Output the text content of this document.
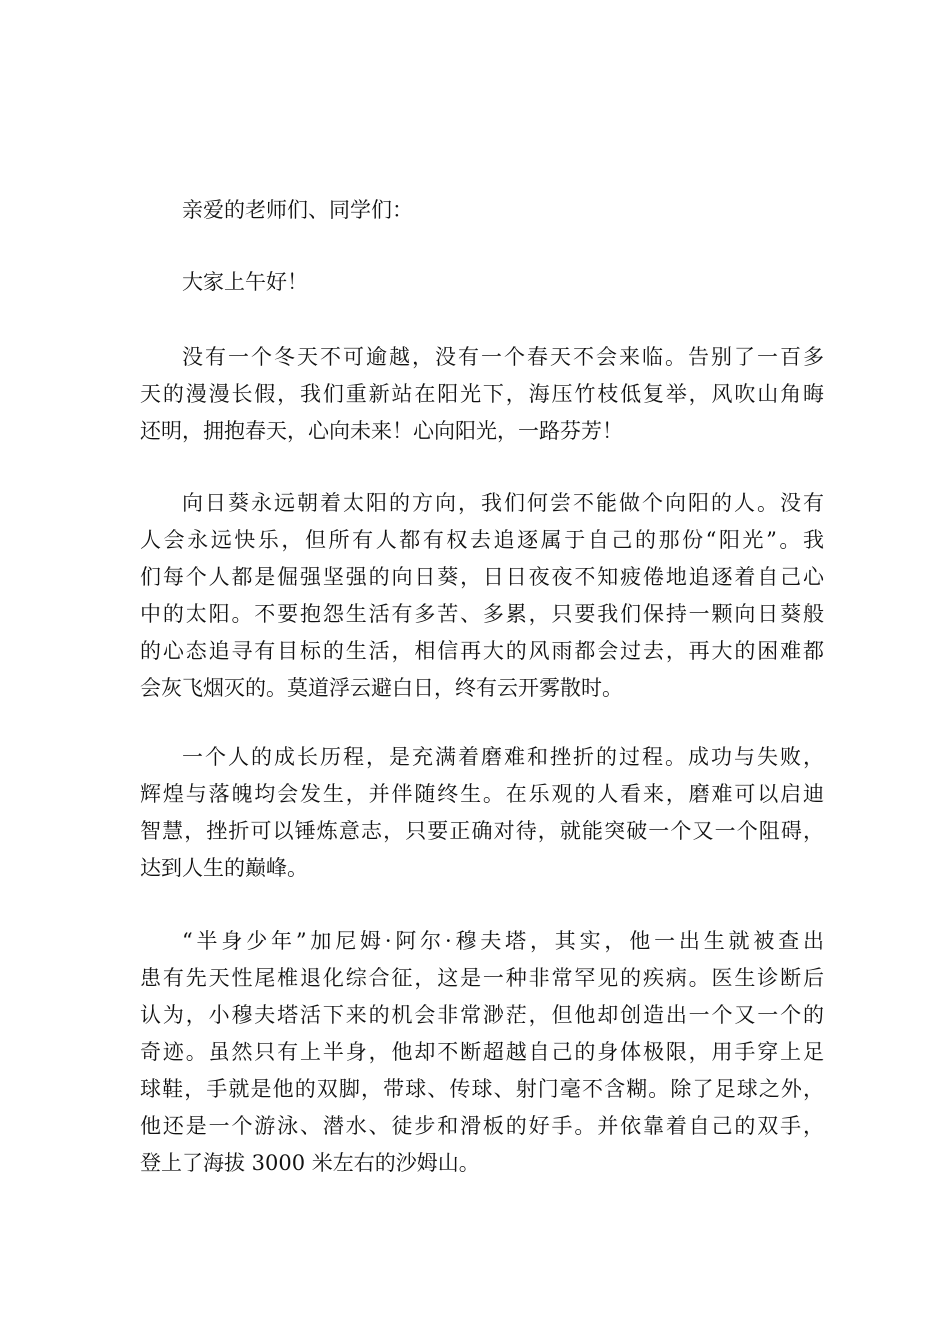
亲爱的老师们、同学们：
大家上午好！
没有一个冬天不可逾越，没有一个春天不会来临。告别了一百多
天的漫漫长假，我们重新站在阳光下，海压竹枝低复举，风吹山角晦
还明，拥抱春天，心向未来！心向阳光，一路芬芳！
向日葵永远朝着太阳的方向，我们何尝不能做个向阳的人。没有
人会永远快乐，但所有人都有权去追逐属于自己的那份“阳光”。我
们每个人都是倔强坚强的向日葵，日日夜夜不知疲倦地追逐着自己心
中的太阳。不要抱怨生活有多苦、多累，只要我们保持一颗向日葵般
的心态追寻有目标的生活，相信再大的风雨都会过去，再大的困难都
会灰飞烟灭的。莫道浮云避白日，终有云开雾散时。
一个人的成长历程，是充满着磨难和挫折的过程。成功与失败，
辉煌与落魄均会发生，并伴随终生。在乐观的人看来，磨难可以启迪
智慧，挫折可以锤炼意志，只要正确对待，就能突破一个又一个阻碍，
达到人生的巅峰。
“半身少年”加尼姆·阿尔·穆夫塔，其实，他一出生就被查出
患有先天性尾椎退化综合征，这是一种非常罕见的疾病。医生诊断后
认为，小穆夫塔活下来的机会非常渺茫，但他却创造出一个又一个的
奇迹。虽然只有上半身，他却不断超越自己的身体极限，用手穿上足
球鞋，手就是他的双脚，带球、传球、射门毫不含糊。除了足球之外，
他还是一个游泳、潜水、徒步和滑板的好手。并依靠着自己的双手，
登上了海拔 3000 米左右的沙姆山。
